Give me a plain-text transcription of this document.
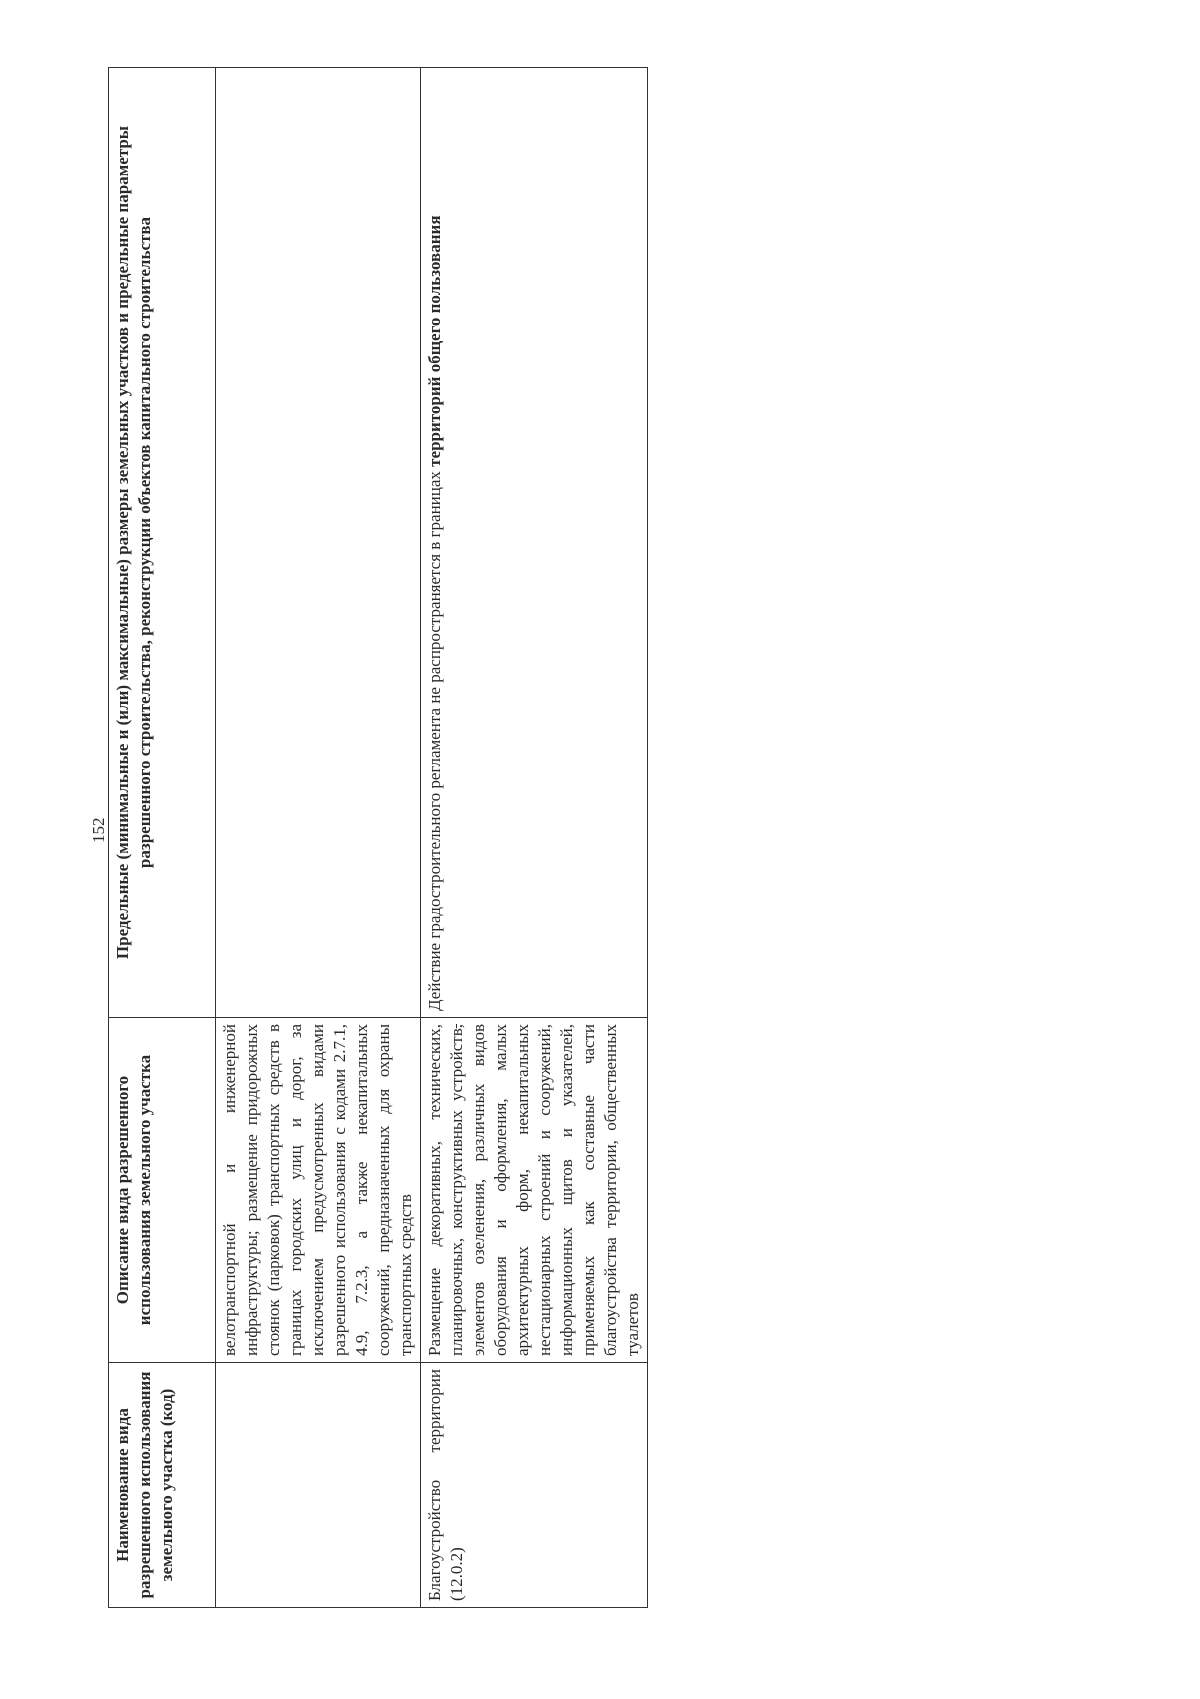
152
Наименование вида разрешенного использования земельного участка (код)	Описание вида разрешенного использования земельного участка	Предельные (минимальные и (или) максимальные) размеры земельных участков и предельные параметры разрешенного строительства, реконструкции объектов капитального строительства
	велотранспортной и инженерной инфраструктуры; размещение придорожных стоянок (парковок) транспортных средств в границах городских улиц и дорог, за исключением предусмотренных видами разрешенного использования с кодами 2.7.1, 4.9, 7.2.3, а также некапитальных сооружений, предназначенных для охраны транспортных средств	
Благоустройство территории (12.0.2)	Размещение декоративных, технических, планировочных, конструктивных устройств, элементов озеленения, различных видов оборудования и оформления, малых архитектурных форм, некапитальных нестационарных строений и сооружений, информационных щитов и указателей, применяемых как составные части благоустройства территории, общественных туалетов	Действие градостроительного регламента не распространяется в границах территорий общего пользования
